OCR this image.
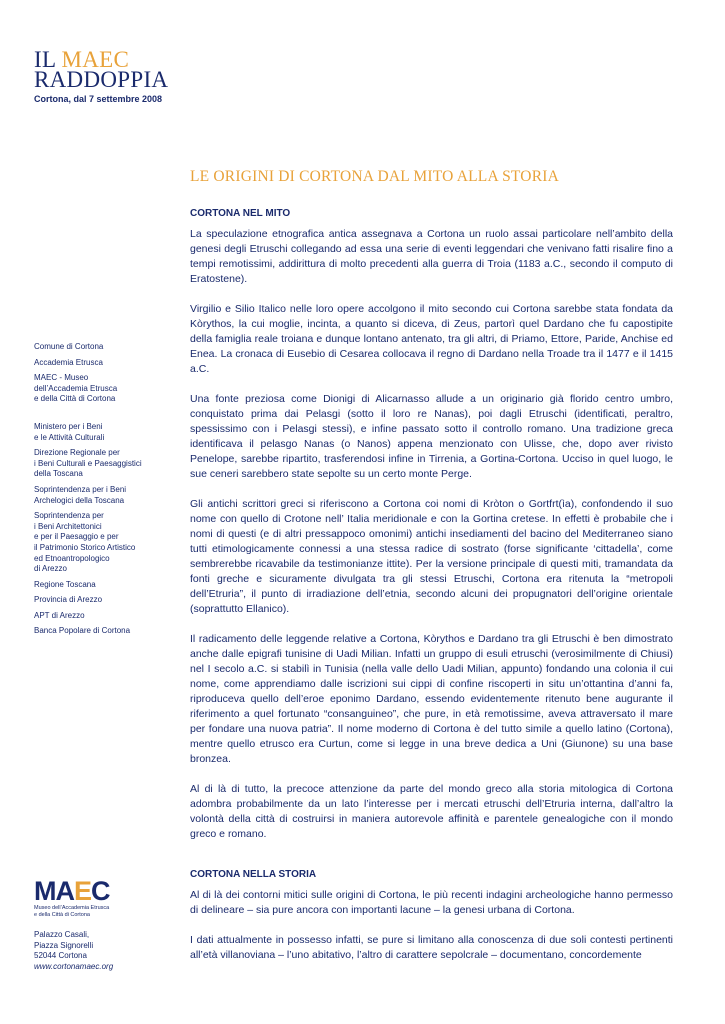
IL MAEC
RADDOPPIA
Cortona, dal 7 settembre 2008
Comune di Cortona
Accademia Etrusca
MAEC - Museo
dell’Accademia Etrusca
e della Città di Cortona
Ministero per i Beni
e le Attività Culturali
Direzione Regionale per
i Beni Culturali e Paesaggistici
della Toscana
Soprintendenza per i Beni
Archelogici della Toscana
Soprintendenza per
i Beni Architettonici
e per il Paesaggio e per
il Patrimonio Storico Artistico
ed Etnoantropologico
di Arezzo
Regione Toscana
Provincia di Arezzo
APT di Arezzo
Banca Popolare di Cortona
MAEC
Museo dell’Accademia Etrusca
e della Città di Cortona
Palazzo Casali,
Piazza Signorelli
52044 Cortona
www.cortonamaec.org
LE ORIGINI DI CORTONA DAL MITO ALLA STORIA
CORTONA NEL MITO

La speculazione etnografica antica assegnava a Cortona un ruolo assai particolare nell’ambito della genesi degli Etruschi collegando ad essa una serie di eventi leggendari che venivano fatti risalire fino a tempi remotissimi, addirittura di molto precedenti alla guerra di Troia (1183 a.C., secondo il computo di Eratostene).

Virgilio e Silio Italico nelle loro opere accolgono il mito secondo cui Cortona sarebbe stata fondata da Kòrythos, la cui moglie, incinta, a quanto si diceva, di Zeus, partorì quel Dardano che fu capostipite della famiglia reale troiana e dunque lontano antenato, tra gli altri, di Priamo, Ettore, Paride, Anchise ed Enea. La cronaca di Eusebio di Cesarea collocava il regno di Dardano nella Troade tra il 1477 e il 1415 a.C.

Una fonte preziosa come Dionigi di Alicarnasso allude a un originario già florido centro umbro, conquistato prima dai Pelasgi (sotto il loro re Nanas), poi dagli Etruschi (identificati, peraltro, spessissimo con i Pelasgi stessi), e infine passato sotto il controllo romano. Una tradizione greca identificava il pelasgo Nanas (o Nanos) appena menzionato con Ulisse, che, dopo aver rivisto Penelope, sarebbe ripartito, trasferendosi infine in Tirrenia, a Gortina-Cortona. Ucciso in quel luogo, le sue ceneri sarebbero state sepolte su un certo monte Perge.

Gli antichi scrittori greci si riferiscono a Cortona coi nomi di Kròton o Gortfrt(ìa), confondendo il suo nome con quello di Crotone nell’ Italia meridionale e con la Gortina cretese. In effetti è probabile che i nomi di questi (e di altri pressappoco omonimi) antichi insediamenti del bacino del Mediterraneo siano tutti etimologicamente connessi a una stessa radice di sostrato (forse significante ‘cittadella’, come sembrerebbe ricavabile da testimonianze ittite). Per la versione principale di questi miti, tramandata da fonti greche e sicuramente divulgata tra gli stessi Etruschi, Cortona era ritenuta la “metropoli dell’Etruria”, il punto di irradiazione dell’etnia, secondo alcuni dei propugnatori dell’origine orientale (soprattutto Ellanico).

Il radicamento delle leggende relative a Cortona, Kòrythos e Dardano tra gli Etruschi è ben dimostrato anche dalle epigrafi tunisine di Uadi Milian. Infatti un gruppo di esuli etruschi (verosimilmente di Chiusi) nel I secolo a.C. si stabilì in Tunisia (nella valle dello Uadi Milian, appunto) fondando una colonia il cui nome, come apprendiamo dalle iscrizioni sui cippi di confine riscoperti in situ un’ottantina d’anni fa, riproduceva quello dell’eroe eponimo Dardano, essendo evidentemente ritenuto bene augurante il riferimento a quel fortunato “consanguineo”, che pure, in età remotissime, aveva attraversato il mare per fondare una nuova patria”. Il nome moderno di Cortona è del tutto simile a quello latino (Cortona), mentre quello etrusco era Curtun, come si legge in una breve dedica a Uni (Giunone) su una base bronzea.

Al di là di tutto, la precoce attenzione da parte del mondo greco alla storia mitologica di Cortona adombra probabilmente da un lato l’interesse per i mercati etruschi dell’Etruria interna, dall’altro la volontà della città di costruirsi in maniera autorevole affinità e parentele genealogiche con il mondo greco e romano.

CORTONA NELLA STORIA

Al di là dei contorni mitici sulle origini di Cortona, le più recenti indagini archeologiche hanno permesso di delineare – sia pure ancora con importanti lacune – la genesi urbana di Cortona.

I dati attualmente in possesso infatti, se pure si limitano alla conoscenza di due soli contesti pertinenti all’età villanoviana – l’uno abitativo, l’altro di carattere sepolcrale – documentano, concordemente
